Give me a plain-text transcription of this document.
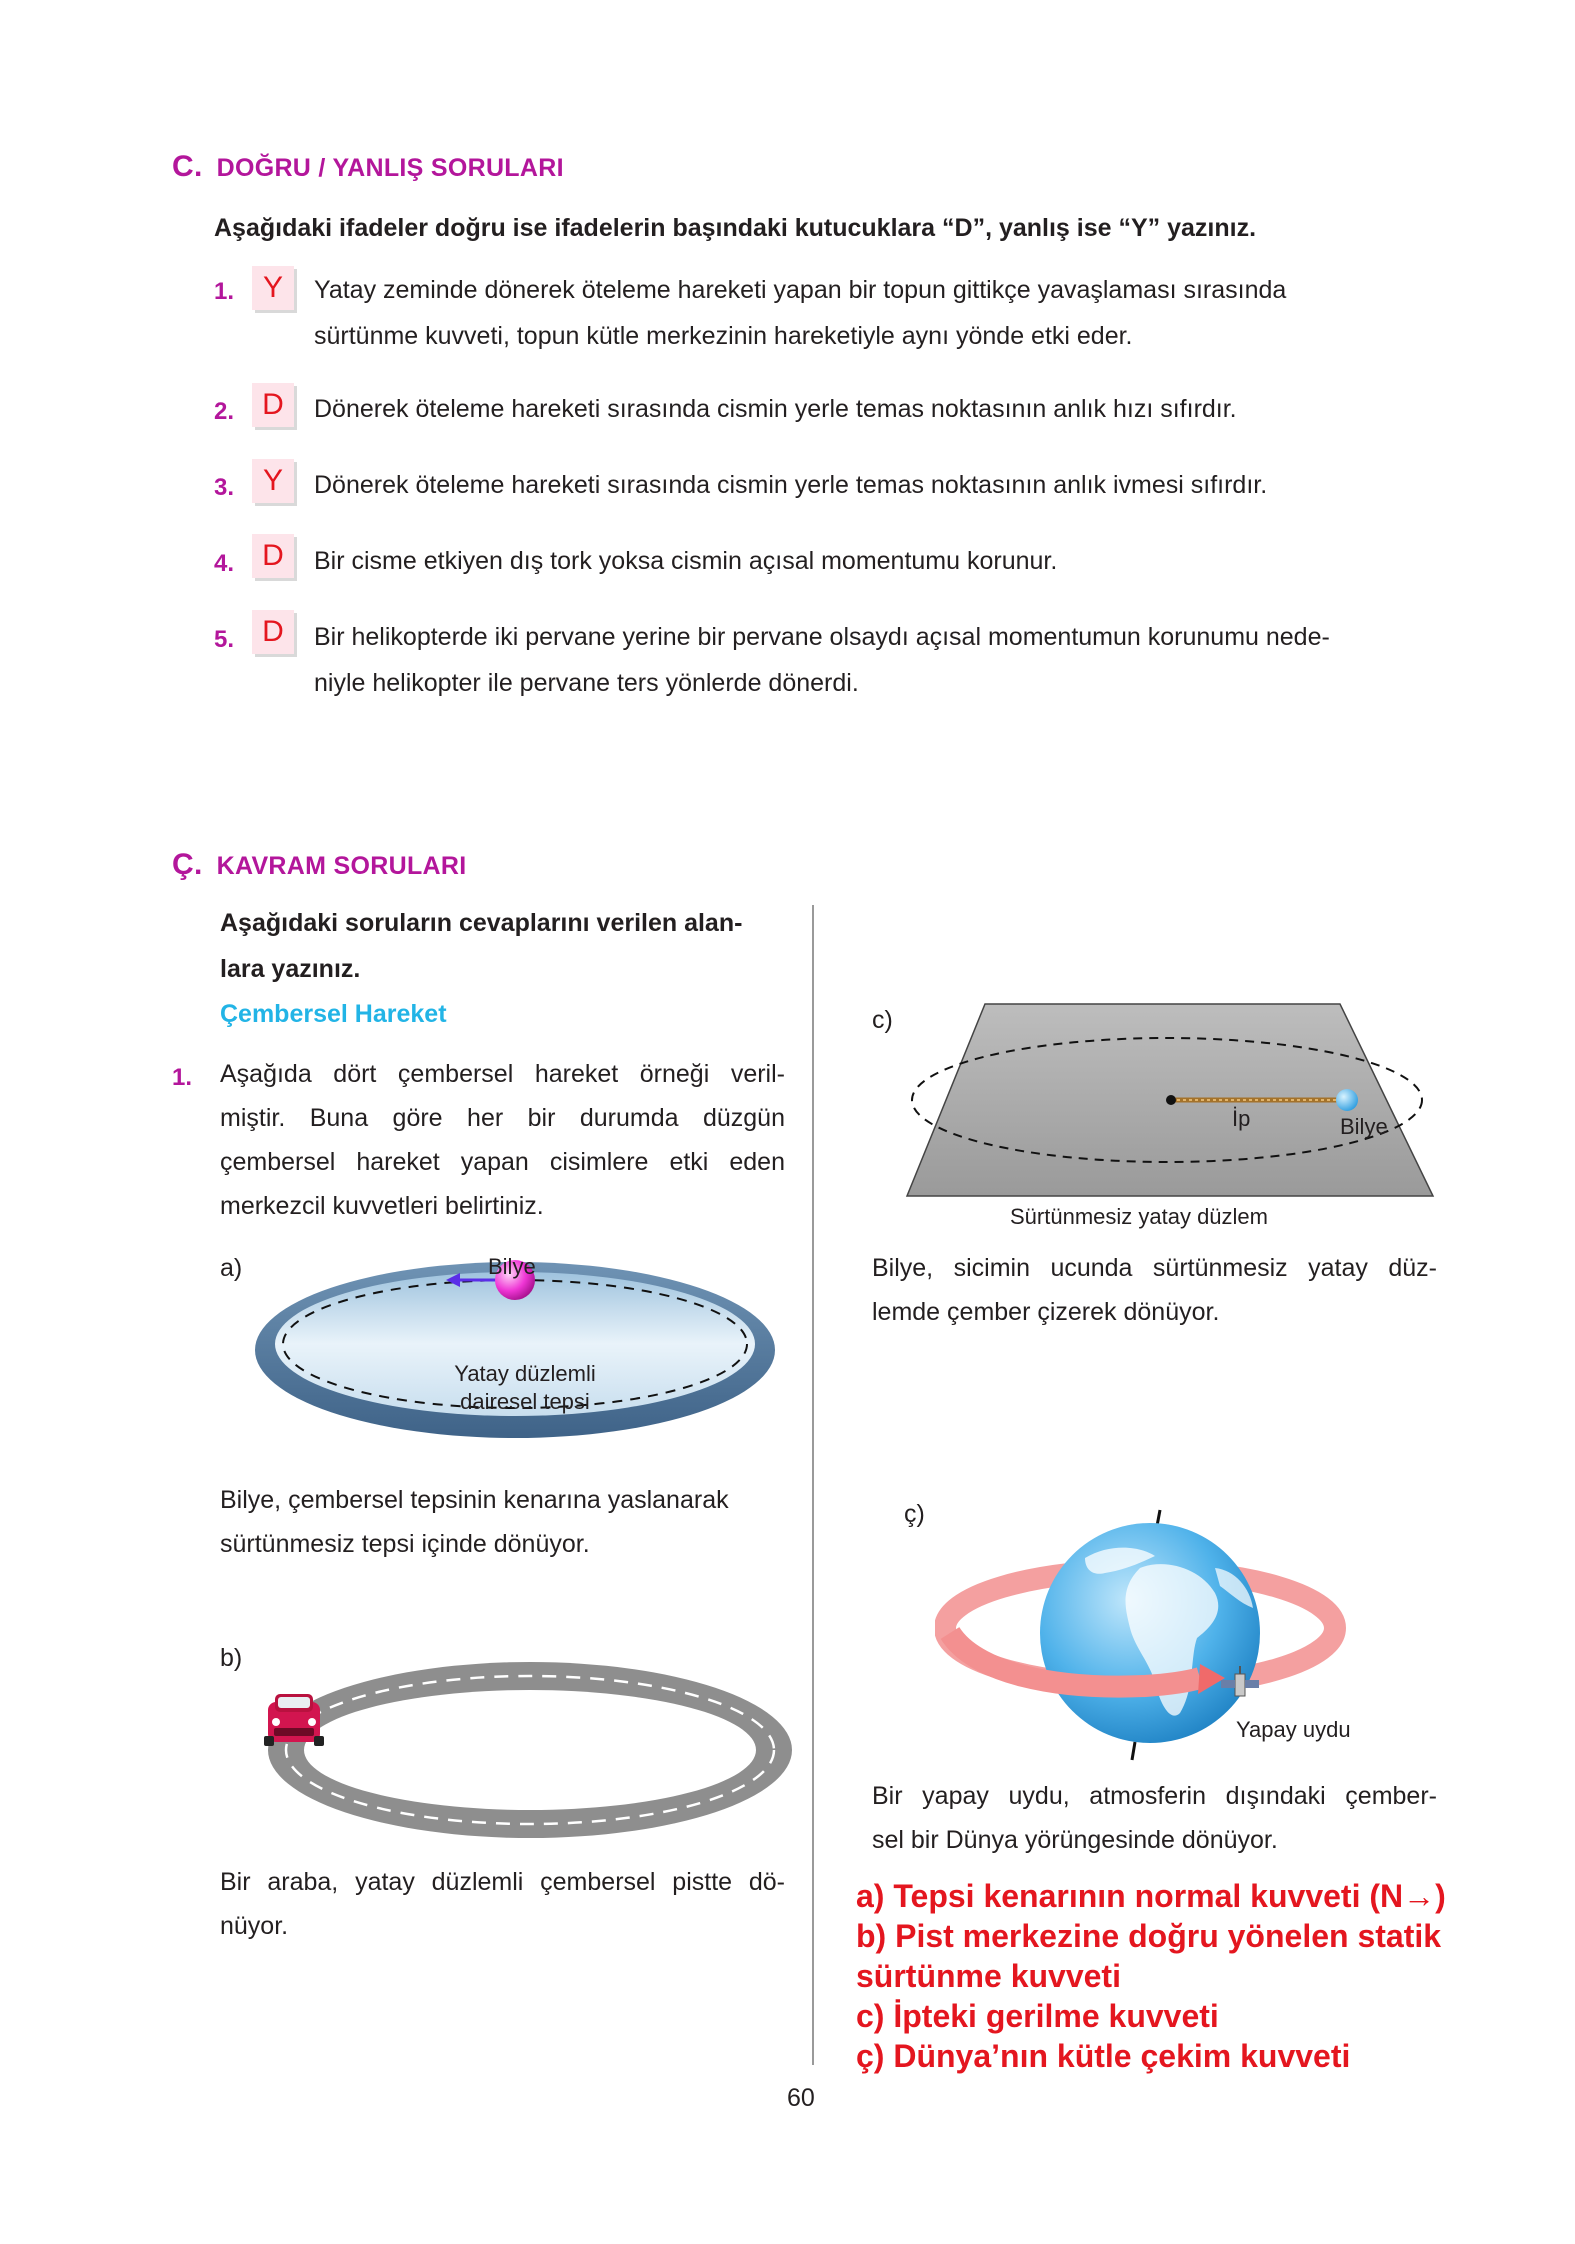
C. DOĞRU / YANLIŞ SORULARI
Aşağıdaki ifadeler doğru ise ifadelerin başındaki kutucuklara “D”, yanlış ise “Y” yazınız.
1. Y Yatay zeminde dönerek öteleme hareketi yapan bir topun gittikçe yavaşlaması sırasında
sürtünme kuvveti, topun kütle merkezinin hareketiyle aynı yönde etki eder.
2. D Dönerek öteleme hareketi sırasında cismin yerle temas noktasının anlık hızı sıfırdır.
3. Y Dönerek öteleme hareketi sırasında cismin yerle temas noktasının anlık ivmesi sıfırdır.
4. D Bir cisme etkiyen dış tork yoksa cismin açısal momentumu korunur.
5. D Bir helikopterde iki pervane yerine bir pervane olsaydı açısal momentumun korunumu nede-
niyle helikopter ile pervane ters yönlerde dönerdi.
Ç. KAVRAM SORULARI
Aşağıdaki soruların cevaplarını verilen alan-
lara yazınız.
Çembersel Hareket
1. Aşağıda dört çembersel hareket örneği veril-
miştir. Buna göre her bir durumda düzgün
çembersel hareket yapan cisimlere etki eden
merkezcil kuvvetleri belirtiniz.
a)	Bilye
Yatay düzlemli
dairesel tepsi
Bilye, çembersel tepsinin kenarına yaslanarak
sürtünmesiz tepsi içinde dönüyor.
b)
Bir araba, yatay düzlemli çembersel pistte dö-
nüyor.
c)
İp	Bilye
Sürtünmesiz yatay düzlem
Bilye, sicimin ucunda sürtünmesiz yatay düz-
lemde çember çizerek dönüyor.
ç)
Yapay uydu
Bir yapay uydu, atmosferin dışındaki çember-
sel bir Dünya yörüngesinde dönüyor.
a) Tepsi kenarının normal kuvveti (N→)
b) Pist merkezine doğru yönelen statik
sürtünme kuvveti
c) İpteki gerilme kuvveti
ç) Dünya’nın kütle çekim kuvveti
60
